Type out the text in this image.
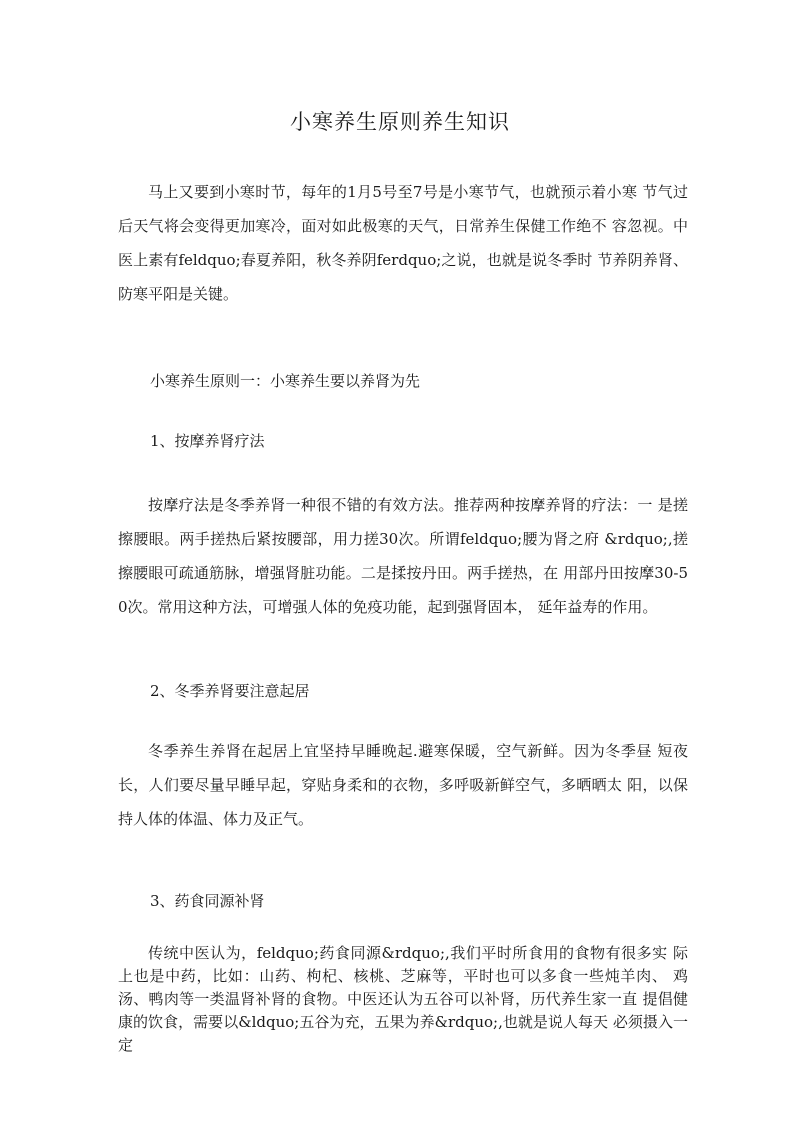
小寒养生原则养生知识
马上又要到小寒时节，每年的1月5号至7号是小寒节气，也就预示着小寒 节气过后天气将会变得更加寒冷，面对如此极寒的天气，日常养生保健工作绝不 容忽视。中医上素有feldquo;春夏养阳，秋冬养阴ferdquo;之说，也就是说冬季时 节养阴养肾、防寒平阳是关键。
小寒养生原则一：小寒养生要以养肾为先
1、按摩养肾疗法
按摩疗法是冬季养肾一种很不错的有效方法。推荐两种按摩养肾的疗法：一 是搓擦腰眼。两手搓热后紧按腰部，用力搓30次。所谓feldquo;腰为肾之府 &rdquo;,搓擦腰眼可疏通筋脉，增强肾脏功能。二是揉按丹田。两手搓热，在 用部丹田按摩30-50次。常用这种方法，可增强人体的免疫功能，起到强肾固本， 延年益寿的作用。
2、冬季养肾要注意起居
冬季养生养肾在起居上宜坚持早睡晚起.避寒保暖，空气新鲜。因为冬季昼 短夜长，人们要尽量早睡早起，穿贴身柔和的衣物，多呼吸新鲜空气，多晒晒太 阳，以保持人体的体温、体力及正气。
3、药食同源补肾
传统中医认为，feldquo;药食同源&rdquo;,我们平时所食用的食物有很多实 际上也是中药，比如：山药、枸杞、核桃、芝麻等，平时也可以多食一些炖羊肉、 鸡汤、鸭肉等一类温肾补肾的食物。中医还认为五谷可以补肾，历代养生家一直 提倡健康的饮食，需要以&ldquo;五谷为充，五果为养&rdquo;,也就是说人每天 必须摄入一定
